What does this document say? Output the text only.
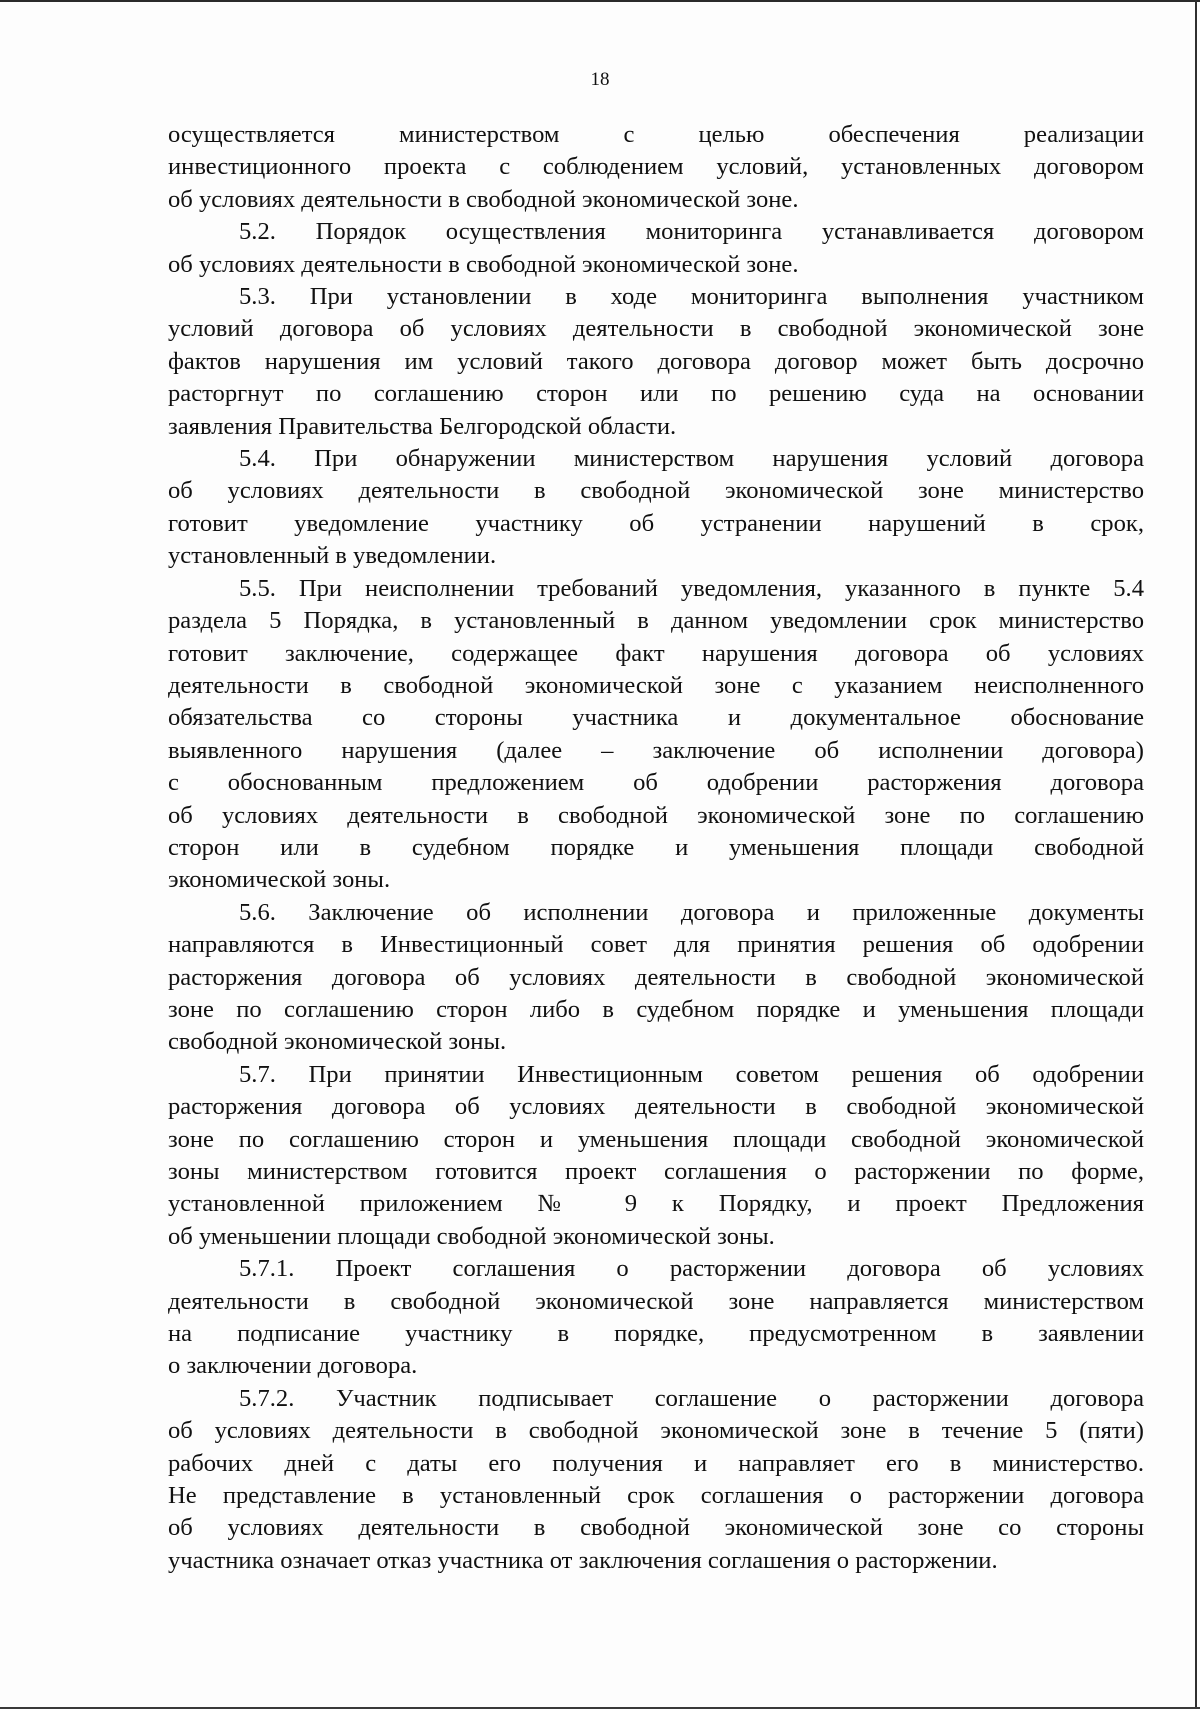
18
осуществляется министерством с целью обеспечения реализации
инвестиционного проекта с соблюдением условий, установленных договором
об условиях деятельности в свободной экономической зоне.
5.2. Порядок осуществления мониторинга устанавливается договором
об условиях деятельности в свободной экономической зоне.
5.3. При установлении в ходе мониторинга выполнения участником
условий договора об условиях деятельности в свободной экономической зоне
фактов нарушения им условий такого договора договор может быть досрочно
расторгнут по соглашению сторон или по решению суда на основании
заявления Правительства Белгородской области.
5.4. При обнаружении министерством нарушения условий договора
об условиях деятельности в свободной экономической зоне министерство
готовит уведомление участнику об устранении нарушений в срок,
установленный в уведомлении.
5.5. При неисполнении требований уведомления, указанного в пункте 5.4
раздела 5 Порядка, в установленный в данном уведомлении срок министерство
готовит заключение, содержащее факт нарушения договора об условиях
деятельности в свободной экономической зоне с указанием неисполненного
обязательства со стороны участника и документальное обоснование
выявленного нарушения (далее – заключение об исполнении договора)
с обоснованным предложением об одобрении расторжения договора
об условиях деятельности в свободной экономической зоне по соглашению
сторон или в судебном порядке и уменьшения площади свободной
экономической зоны.
5.6. Заключение об исполнении договора и приложенные документы
направляются в Инвестиционный совет для принятия решения об одобрении
расторжения договора об условиях деятельности в свободной экономической
зоне по соглашению сторон либо в судебном порядке и уменьшения площади
свободной экономической зоны.
5.7. При принятии Инвестиционным советом решения об одобрении
расторжения договора об условиях деятельности в свободной экономической
зоне по соглашению сторон и уменьшения площади свободной экономической
зоны министерством готовится проект соглашения о расторжении по форме,
установленной приложением № 9 к Порядку, и проект Предложения
об уменьшении площади свободной экономической зоны.
5.7.1. Проект соглашения о расторжении договора об условиях
деятельности в свободной экономической зоне направляется министерством
на подписание участнику в порядке, предусмотренном в заявлении
о заключении договора.
5.7.2. Участник подписывает соглашение о расторжении договора
об условиях деятельности в свободной экономической зоне в течение 5 (пяти)
рабочих дней с даты его получения и направляет его в министерство.
Не представление в установленный срок соглашения о расторжении договора
об условиях деятельности в свободной экономической зоне со стороны
участника означает отказ участника от заключения соглашения о расторжении.
